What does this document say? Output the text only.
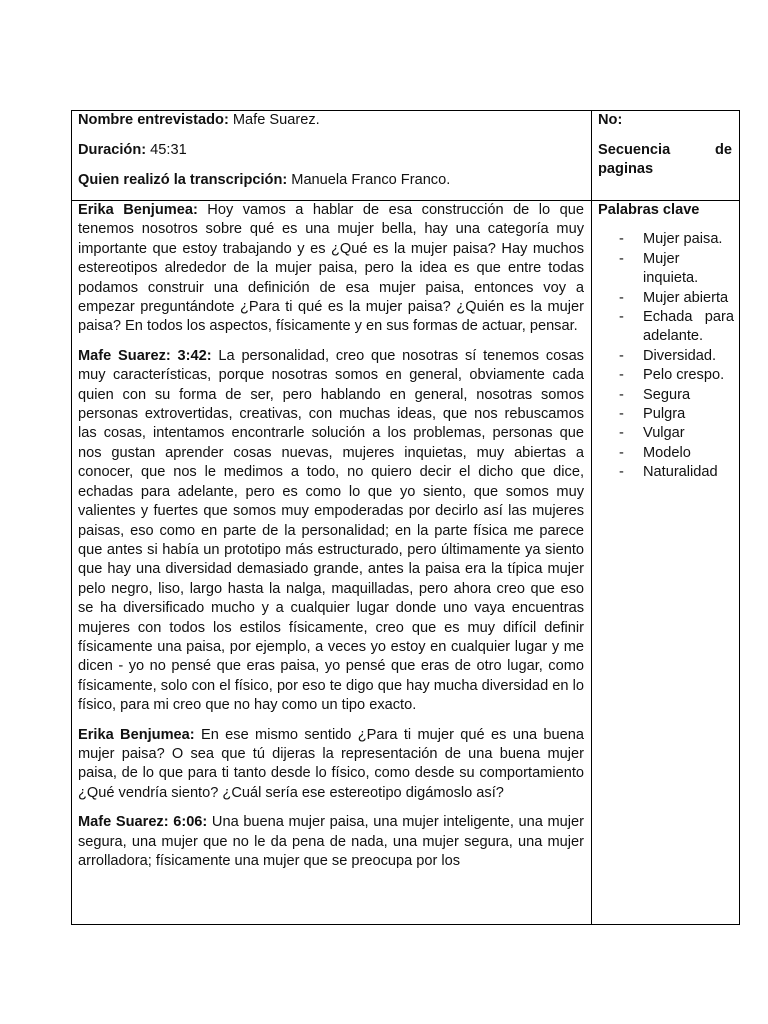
Nombre entrevistado: Mafe Suarez.

Duración: 45:31

Quien realizó la transcripción: Manuela Franco Franco.

No:
Secuencia	de
paginas

Erika Benjumea: Hoy vamos a hablar de esa construcción de lo que tenemos nosotros sobre qué es una mujer bella, hay una categoría muy importante que estoy trabajando y es ¿Qué es la mujer paisa? Hay muchos estereotipos alrededor de la mujer paisa, pero la idea es que entre todas podamos construir una definición de esa mujer paisa, entonces voy a empezar preguntándote ¿Para ti qué es la mujer paisa? ¿Quién es la mujer paisa? En todos los aspectos, físicamente y en sus formas de actuar, pensar.

Mafe Suarez: 3:42: La personalidad, creo que nosotras sí tenemos cosas muy características, porque nosotras somos en general, obviamente cada quien con su forma de ser, pero hablando en general, nosotras somos personas extrovertidas, creativas, con muchas ideas, que nos rebuscamos las cosas, intentamos encontrarle solución a los problemas, personas que nos gustan aprender cosas nuevas, mujeres inquietas, muy abiertas a conocer, que nos le medimos a todo, no quiero decir el dicho que dice, echadas para adelante, pero es como lo que yo siento, que somos muy valientes y fuertes que somos muy empoderadas por decirlo así las mujeres paisas, eso como en parte de la personalidad; en la parte física me parece que antes si había un prototipo más estructurado, pero últimamente ya siento que hay una diversidad demasiado grande, antes la paisa era la típica mujer pelo negro, liso, largo hasta la nalga, maquilladas, pero ahora creo que eso se ha diversificado mucho y a cualquier lugar donde uno vaya encuentras mujeres con todos los estilos físicamente, creo que es muy difícil definir físicamente una paisa, por ejemplo, a veces yo estoy en cualquier lugar y me dicen - yo no pensé que eras paisa, yo pensé que eras de otro lugar, como físicamente, solo con el físico, por eso te digo que hay mucha diversidad en lo físico, para mi creo que no hay como un tipo exacto.

Erika Benjumea: En ese mismo sentido ¿Para ti mujer qué es una buena mujer paisa? O sea que tú dijeras la representación de una buena mujer paisa, de lo que para ti tanto desde lo físico, como desde su comportamiento ¿Qué vendría siento? ¿Cuál sería ese estereotipo digámoslo así?

Mafe Suarez: 6:06: Una buena mujer paisa, una mujer inteligente, una mujer segura, una mujer que no le da pena de nada, una mujer segura, una mujer arrolladora; físicamente una mujer que se preocupa por los

Palabras clave
- Mujer paisa.
- Mujer inquieta.
- Mujer abierta
- Echada para adelante.
- Diversidad.
- Pelo crespo.
- Segura
- Pulgra
- Vulgar
- Modelo
- Naturalidad
